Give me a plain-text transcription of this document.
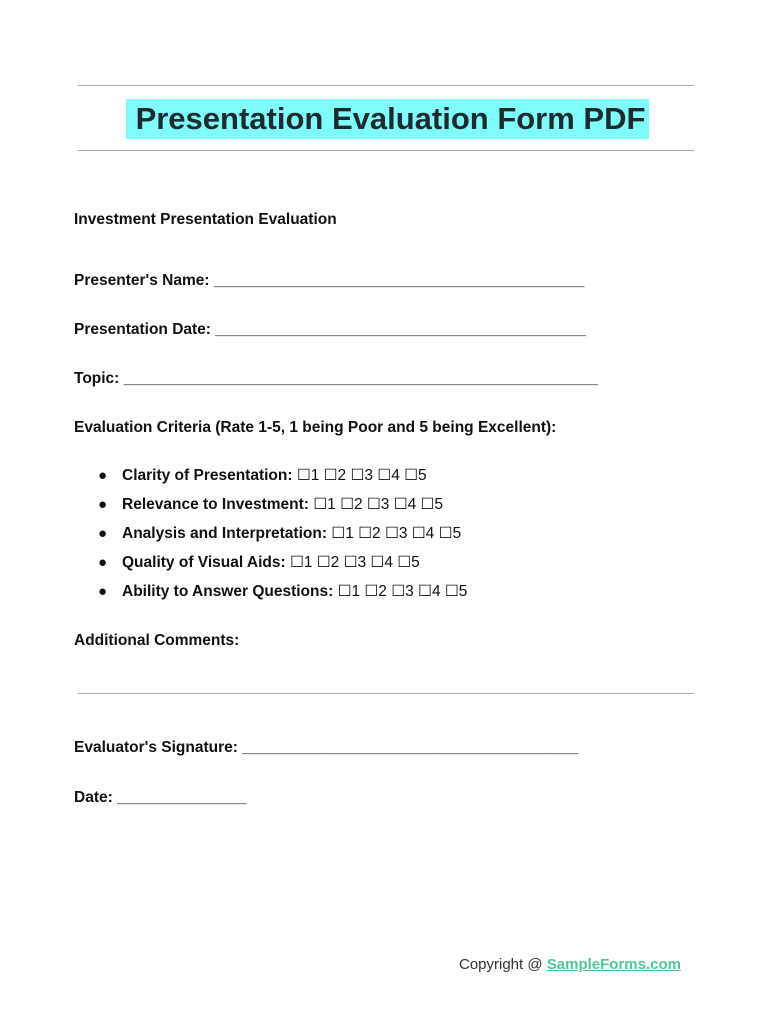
Presentation Evaluation Form PDF
Investment Presentation Evaluation
Presenter's Name: ___________________________________________
Presentation Date: ___________________________________________
Topic: _______________________________________________________
Evaluation Criteria (Rate 1-5, 1 being Poor and 5 being Excellent):
● Clarity of Presentation: ☐1 ☐2 ☐3 ☐4 ☐5
● Relevance to Investment: ☐1 ☐2 ☐3 ☐4 ☐5
● Analysis and Interpretation: ☐1 ☐2 ☐3 ☐4 ☐5
● Quality of Visual Aids: ☐1 ☐2 ☐3 ☐4 ☐5
● Ability to Answer Questions: ☐1 ☐2 ☐3 ☐4 ☐5
Additional Comments:
Evaluator's Signature: _______________________________________
Date: _______________
Copyright @ SampleForms.com
